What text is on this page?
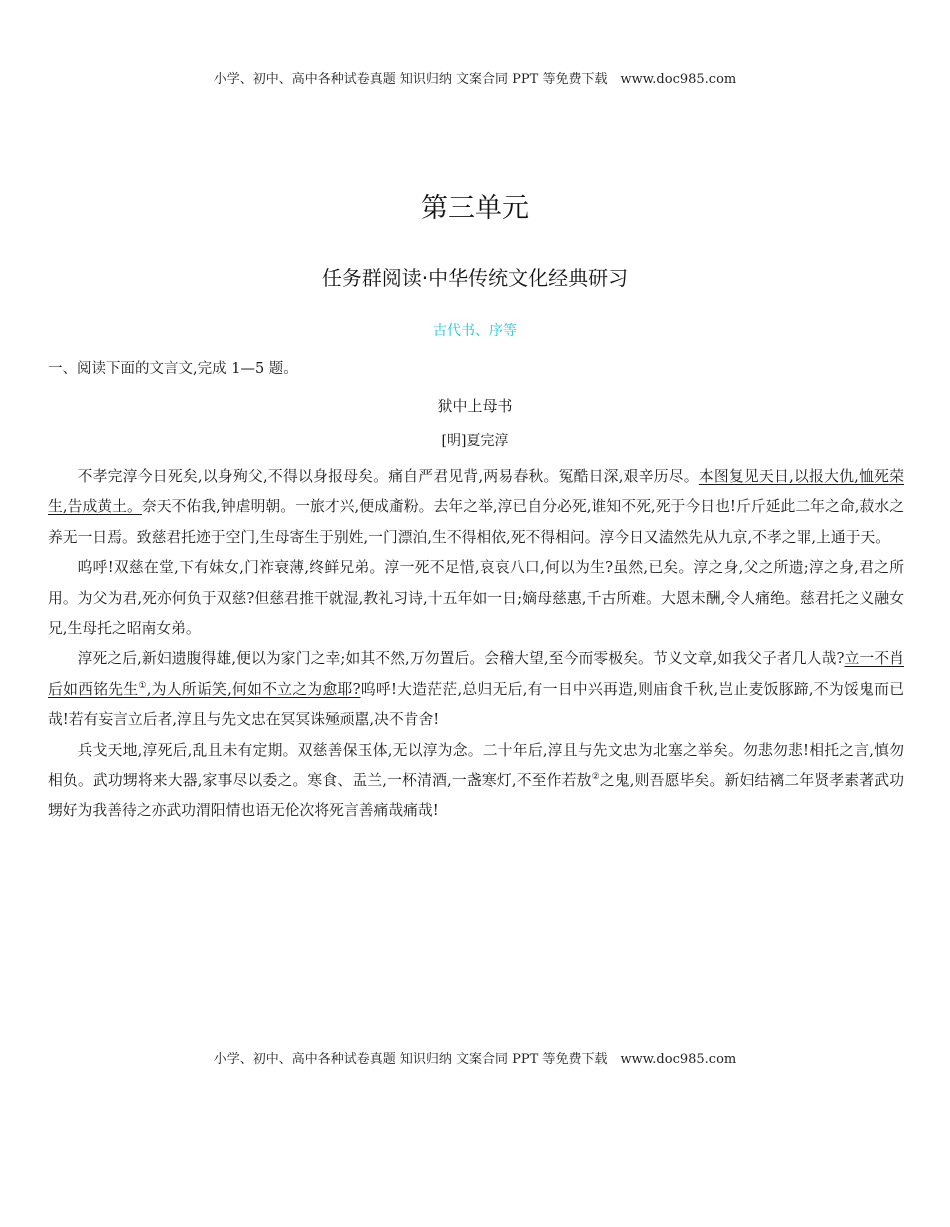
小学、初中、高中各种试卷真题 知识归纳 文案合同 PPT 等免费下载　www.doc985.com
第三单元
任务群阅读·中华传统文化经典研习
古代书、序等
一、阅读下面的文言文,完成 1—5 题。
狱中上母书
[明]夏完淳

不孝完淳今日死矣,以身殉父,不得以身报母矣。痛自严君见背,两易春秋。冤酷日深,艰辛历尽。本图复见天日,以报大仇,恤死荣生,告成黄土。奈天不佑我,钟虐明朝。一旅才兴,便成齑粉。去年之举,淳已自分必死,谁知不死,死于今日也!斤斤延此二年之命,菽水之养无一日焉。致慈君托迹于空门,生母寄生于别姓,一门漂泊,生不得相依,死不得相问。淳今日又溘然先从九京,不孝之罪,上通于天。

呜呼!双慈在堂,下有妹女,门祚衰薄,终鲜兄弟。淳一死不足惜,哀哀八口,何以为生?虽然,已矣。淳之身,父之所遗;淳之身,君之所用。为父为君,死亦何负于双慈?但慈君推干就湿,教礼习诗,十五年如一日;嫡母慈惠,千古所难。大恩未酬,令人痛绝。慈君托之义融女兄,生母托之昭南女弟。

淳死之后,新妇遗腹得雄,便以为家门之幸;如其不然,万勿置后。会稽大望,至今而零极矣。节义文章,如我父子者几人哉?立一不肖后如西铭先生①,为人所诟笑,何如不立之为愈耶?呜呼!大造茫茫,总归无后,有一日中兴再造,则庙食千秋,岂止麦饭豚蹄,不为馁鬼而已哉!若有妄言立后者,淳且与先文忠在冥冥诛殛顽嚚,决不肯舍!

兵戈天地,淳死后,乱且未有定期。双慈善保玉体,无以淳为念。二十年后,淳且与先文忠为北塞之举矣。勿悲勿悲!相托之言,慎勿相负。武功甥将来大器,家事尽以委之。寒食、盂兰,一杯清酒,一盏寒灯,不至作若敖②之鬼,则吾愿毕矣。新妇结褵二年贤孝素著武功甥好为我善待之亦武功渭阳情也语无伦次将死言善痛哉痛哉!

小学、初中、高中各种试卷真题 知识归纳 文案合同 PPT 等免费下载　www.doc985.com
